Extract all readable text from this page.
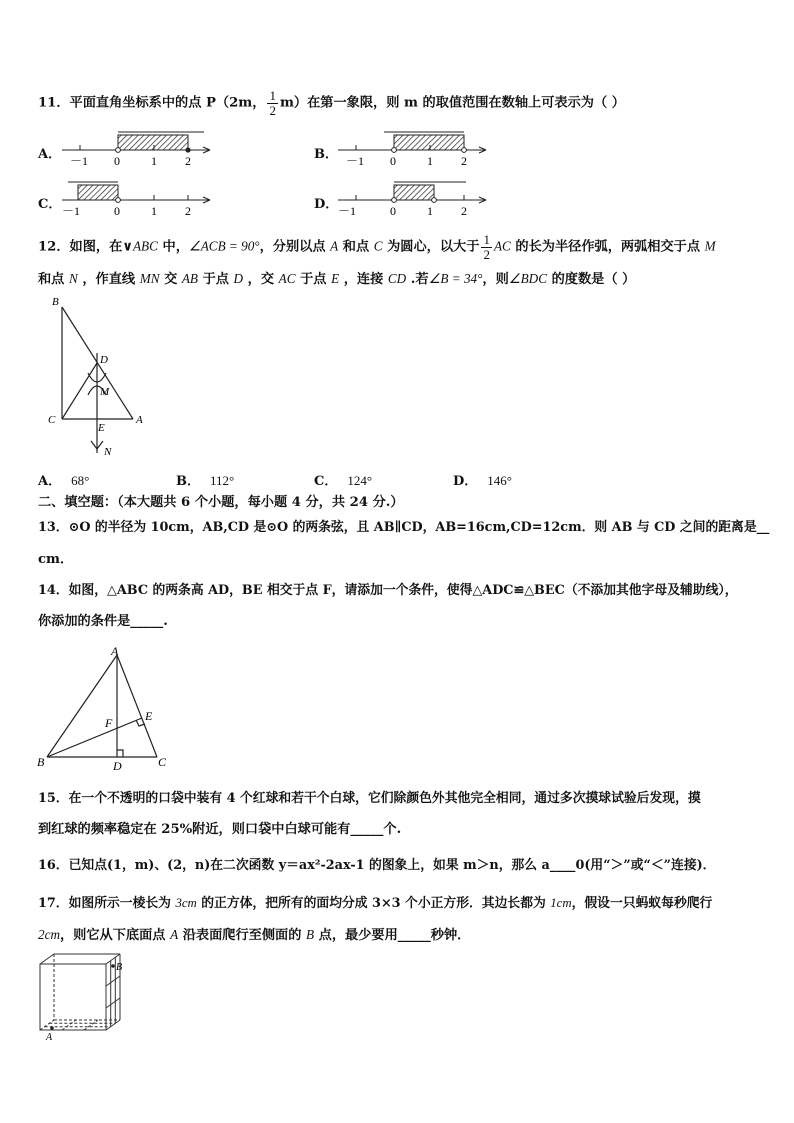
11．平面直角坐标系中的点 P（2m， $\frac{1}{2} m$）在第一象限，则 m 的取值范围在数轴上可表示为（ ）
A． －1 0	1 2	B． －1 0	1 2
C． －1	0	1 2	D． －1	0	1 2
12．如图，在∨ABC 中，∠ACB = 90°，分别以点 A 和点 C 为圆心，以大于 $\frac{1}{2}$ AC 的长为半径作弧，两弧相交于点 M
和点 N ，作直线 MN 交 AB 于点 D ，交 AC 于点 E ，连接 CD .若∠B = 34°，则∠BDC 的度数是（ ）
B
D
M
C	A
E
N
A． 68°	B． 112°	C． 124°	D． 146°
二、填空题：（本大题共 6 个小题，每小题 4 分，共 24 分.）
13．⊙O 的半径为 10cm，AB,CD 是⊙O 的两条弦，且 AB∥CD，AB=16cm,CD=12cm．则 AB 与 CD 之间的距离是__
cm．
14．如图，△ABC 的两条高 AD，BE 相交于点 F，请添加一个条件，使得△ADC≌△BEC（不添加其他字母及辅助线），
你添加的条件是_____.
A
B	C
D
E
F
15．在一个不透明的口袋中装有 4 个红球和若干个白球，它们除颜色外其他完全相同，通过多次摸球试验后发现，摸
到红球的频率稳定在 25%附近，则口袋中白球可能有_____个.
16．已知点(1，m)、(2，n)在二次函数 y＝ax²-2ax-1 的图象上，如果 m＞n，那么 a____0(用“＞”或“＜”连接)．
17．如图所示一棱长为 3cm 的正方体，把所有的面均分成 3×3 个小正方形．其边长都为 1cm，假设一只蚂蚁每秒爬行
2cm，则它从下底面点 A 沿表面爬行至侧面的 B 点，最少要用_____秒钟．
A
B
